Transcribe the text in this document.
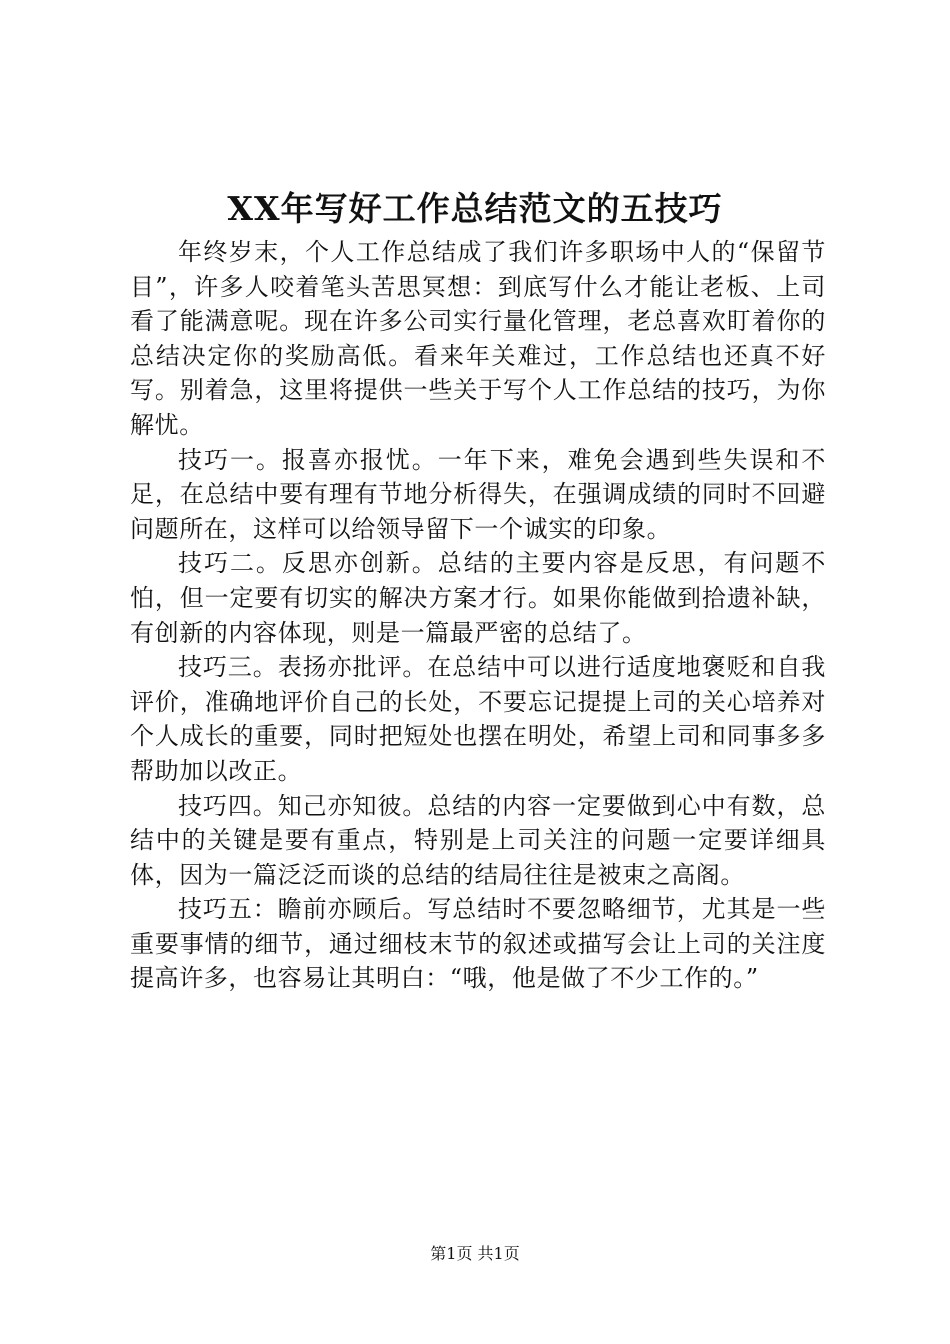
XX年写好工作总结范文的五技巧

年终岁末，个人工作总结成了我们许多职场中人的“保留节目”，许多人咬着笔头苦思冥想：到底写什么才能让老板、上司看了能满意呢。现在许多公司实行量化管理，老总喜欢盯着你的总结决定你的奖励高低。看来年关难过，工作总结也还真不好写。别着急，这里将提供一些关于写个人工作总结的技巧，为你解忧。

技巧一。报喜亦报忧。一年下来，难免会遇到些失误和不足，在总结中要有理有节地分析得失，在强调成绩的同时不回避问题所在，这样可以给领导留下一个诚实的印象。

技巧二。反思亦创新。总结的主要内容是反思，有问题不怕，但一定要有切实的解决方案才行。如果你能做到拾遗补缺，有创新的内容体现，则是一篇最严密的总结了。

技巧三。表扬亦批评。在总结中可以进行适度地褒贬和自我评价，准确地评价自己的长处，不要忘记提提上司的关心培养对个人成长的重要，同时把短处也摆在明处，希望上司和同事多多帮助加以改正。

技巧四。知己亦知彼。总结的内容一定要做到心中有数，总结中的关键是要有重点，特别是上司关注的问题一定要详细具体，因为一篇泛泛而谈的总结的结局往往是被束之高阁。

技巧五：瞻前亦顾后。写总结时不要忽略细节，尤其是一些重要事情的细节，通过细枝末节的叙述或描写会让上司的关注度提高许多，也容易让其明白：“哦，他是做了不少工作的。”

第1页 共1页
